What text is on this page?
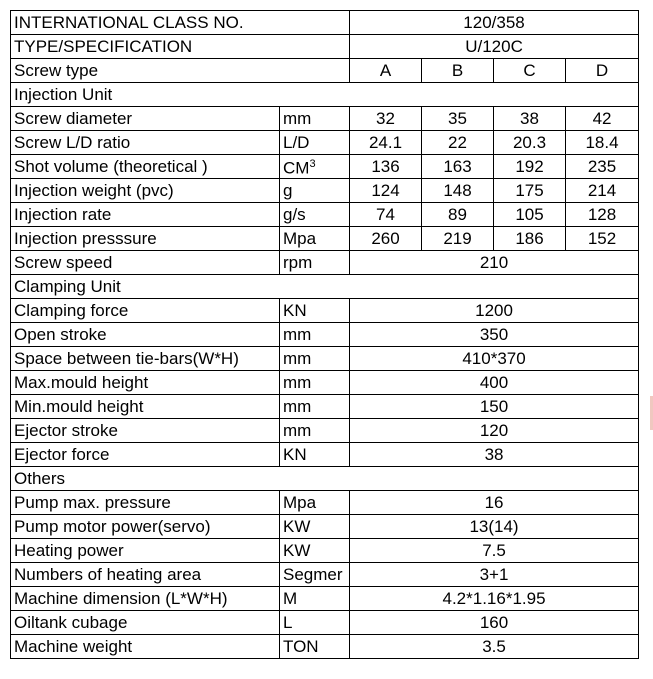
INTERNATIONAL CLASS NO.		120/358			
TYPE/SPECIFICATION		U/120C			
Screw type		A	B	C	D
Injection Unit					
Screw diameter	mm	32	35	38	42
Screw L/D ratio	L/D	24.1	22	20.3	18.4
Shot volume (theoretical )	$CM^3$	136	163	192	235
Injection weight (pvc)	g	124	148	175	214
Injection rate	g/s	74	89	105	128
Injection presssure	Mpa	260	219	186	152
Screw speed	rpm	210			
Clamping Unit					
Clamping force	KN	1200			
Open stroke	mm	350			
Space between tie-bars(W*H)	mm	410*370			
Max.mould height	mm	400			
Min.mould height	mm	150			
Ejector stroke	mm	120			
Ejector force	KN	38			
Others					
Pump max. pressure	Mpa	16			
Pump motor power(servo)	KW	13(14)			
Heating power	KW	7.5			
Numbers of heating area	Segmer	3+1			
Machine dimension (L*W*H)	M	4.2*1.16*1.95			
Oiltank cubage	L	160			
Machine weight	TON	3.5			
